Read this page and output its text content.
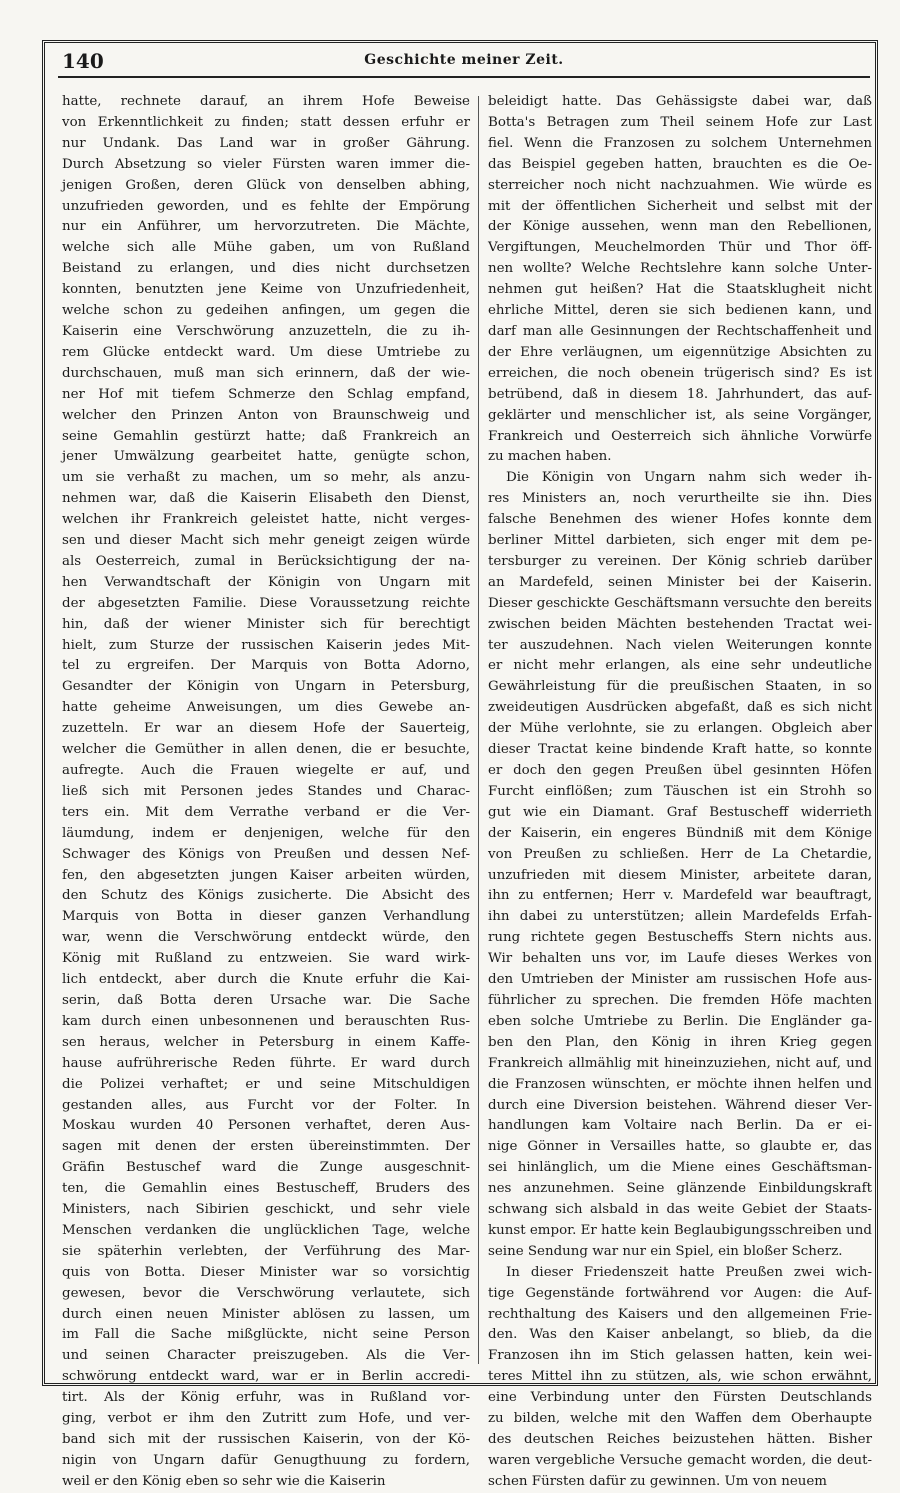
140	Geschichte meiner Zeit.
hatte, rechnete darauf, an ihrem Hofe Beweise
von Erkenntlichkeit zu finden; statt dessen erfuhr er
nur Undank. Das Land war in großer Gährung.
Durch Absetzung so vieler Fürsten waren immer die-
jenigen Großen, deren Glück von denselben abhing,
unzufrieden geworden, und es fehlte der Empörung
nur ein Anführer, um hervorzutreten. Die Mächte,
welche sich alle Mühe gaben, um von Rußland
Beistand zu erlangen, und dies nicht durchsetzen
konnten, benutzten jene Keime von Unzufriedenheit,
welche schon zu gedeihen anfingen, um gegen die
Kaiserin eine Verschwörung anzuzetteln, die zu ih-
rem Glücke entdeckt ward. Um diese Umtriebe zu
durchschauen, muß man sich erinnern, daß der wie-
ner Hof mit tiefem Schmerze den Schlag empfand,
welcher den Prinzen Anton von Braunschweig und
seine Gemahlin gestürzt hatte; daß Frankreich an
jener Umwälzung gearbeitet hatte, genügte schon,
um sie verhaßt zu machen, um so mehr, als anzu-
nehmen war, daß die Kaiserin Elisabeth den Dienst,
welchen ihr Frankreich geleistet hatte, nicht verges-
sen und dieser Macht sich mehr geneigt zeigen würde
als Oesterreich, zumal in Berücksichtigung der na-
hen Verwandtschaft der Königin von Ungarn mit
der abgesetzten Familie. Diese Voraussetzung reichte
hin, daß der wiener Minister sich für berechtigt
hielt, zum Sturze der russischen Kaiserin jedes Mit-
tel zu ergreifen. Der Marquis von Botta Adorno,
Gesandter der Königin von Ungarn in Petersburg,
hatte geheime Anweisungen, um dies Gewebe an-
zuzetteln. Er war an diesem Hofe der Sauerteig,
welcher die Gemüther in allen denen, die er besuchte,
aufregte. Auch die Frauen wiegelte er auf, und
ließ sich mit Personen jedes Standes und Charac-
ters ein. Mit dem Verrathe verband er die Ver-
läumdung, indem er denjenigen, welche für den
Schwager des Königs von Preußen und dessen Nef-
fen, den abgesetzten jungen Kaiser arbeiten würden,
den Schutz des Königs zusicherte. Die Absicht des
Marquis von Botta in dieser ganzen Verhandlung
war, wenn die Verschwörung entdeckt würde, den
König mit Rußland zu entzweien. Sie ward wirk-
lich entdeckt, aber durch die Knute erfuhr die Kai-
serin, daß Botta deren Ursache war. Die Sache
kam durch einen unbesonnenen und berauschten Rus-
sen heraus, welcher in Petersburg in einem Kaffe-
hause aufrührerische Reden führte. Er ward durch
die Polizei verhaftet; er und seine Mitschuldigen
gestanden alles, aus Furcht vor der Folter. In
Moskau wurden 40 Personen verhaftet, deren Aus-
sagen mit denen der ersten übereinstimmten. Der
Gräfin Bestuschef ward die Zunge ausgeschnit-
ten, die Gemahlin eines Bestuscheff, Bruders des
Ministers, nach Sibirien geschickt, und sehr viele
Menschen verdanken die unglücklichen Tage, welche
sie späterhin verlebten, der Verführung des Mar-
quis von Botta. Dieser Minister war so vorsichtig
gewesen, bevor die Verschwörung verlautete, sich
durch einen neuen Minister ablösen zu lassen, um
im Fall die Sache mißglückte, nicht seine Person
und seinen Character preiszugeben. Als die Ver-
schwörung entdeckt ward, war er in Berlin accredi-
tirt. Als der König erfuhr, was in Rußland vor-
ging, verbot er ihm den Zutritt zum Hofe, und ver-
band sich mit der russischen Kaiserin, von der Kö-
nigin von Ungarn dafür Genugthuung zu fordern,
weil er den König eben so sehr wie die Kaiserin
beleidigt hatte. Das Gehässigste dabei war, daß
Botta's Betragen zum Theil seinem Hofe zur Last
fiel. Wenn die Franzosen zu solchem Unternehmen
das Beispiel gegeben hatten, brauchten es die Oe-
sterreicher noch nicht nachzuahmen. Wie würde es
mit der öffentlichen Sicherheit und selbst mit der
der Könige aussehen, wenn man den Rebellionen,
Vergiftungen, Meuchelmorden Thür und Thor öff-
nen wollte? Welche Rechtslehre kann solche Unter-
nehmen gut heißen? Hat die Staatsklugheit nicht
ehrliche Mittel, deren sie sich bedienen kann, und
darf man alle Gesinnungen der Rechtschaffenheit und
der Ehre verläugnen, um eigennützige Absichten zu
erreichen, die noch obenein trügerisch sind? Es ist
betrübend, daß in diesem 18. Jahrhundert, das auf-
geklärter und menschlicher ist, als seine Vorgänger,
Frankreich und Oesterreich sich ähnliche Vorwürfe
zu machen haben.
Die Königin von Ungarn nahm sich weder ih-
res Ministers an, noch verurtheilte sie ihn. Dies
falsche Benehmen des wiener Hofes konnte dem
berliner Mittel darbieten, sich enger mit dem pe-
tersburger zu vereinen. Der König schrieb darüber
an Mardefeld, seinen Minister bei der Kaiserin.
Dieser geschickte Geschäftsmann versuchte den bereits
zwischen beiden Mächten bestehenden Tractat wei-
ter auszudehnen. Nach vielen Weiterungen konnte
er nicht mehr erlangen, als eine sehr undeutliche
Gewährleistung für die preußischen Staaten, in so
zweideutigen Ausdrücken abgefaßt, daß es sich nicht
der Mühe verlohnte, sie zu erlangen. Obgleich aber
dieser Tractat keine bindende Kraft hatte, so konnte
er doch den gegen Preußen übel gesinnten Höfen
Furcht einflößen; zum Täuschen ist ein Strohh so
gut wie ein Diamant. Graf Bestuscheff widerrieth
der Kaiserin, ein engeres Bündniß mit dem Könige
von Preußen zu schließen. Herr de La Chetardie,
unzufrieden mit diesem Minister, arbeitete daran,
ihn zu entfernen; Herr v. Mardefeld war beauftragt,
ihn dabei zu unterstützen; allein Mardefelds Erfah-
rung richtete gegen Bestuscheffs Stern nichts aus.
Wir behalten uns vor, im Laufe dieses Werkes von
den Umtrieben der Minister am russischen Hofe aus-
führlicher zu sprechen. Die fremden Höfe machten
eben solche Umtriebe zu Berlin. Die Engländer ga-
ben den Plan, den König in ihren Krieg gegen
Frankreich allmählig mit hineinzuziehen, nicht auf, und
die Franzosen wünschten, er möchte ihnen helfen und
durch eine Diversion beistehen. Während dieser Ver-
handlungen kam Voltaire nach Berlin. Da er ei-
nige Gönner in Versailles hatte, so glaubte er, das
sei hinlänglich, um die Miene eines Geschäftsman-
nes anzunehmen. Seine glänzende Einbildungskraft
schwang sich alsbald in das weite Gebiet der Staats-
kunst empor. Er hatte kein Beglaubigungsschreiben und
seine Sendung war nur ein Spiel, ein bloßer Scherz.
In dieser Friedenszeit hatte Preußen zwei wich-
tige Gegenstände fortwährend vor Augen: die Auf-
rechthaltung des Kaisers und den allgemeinen Frie-
den. Was den Kaiser anbelangt, so blieb, da die
Franzosen ihn im Stich gelassen hatten, kein wei-
teres Mittel ihn zu stützen, als, wie schon erwähnt,
eine Verbindung unter den Fürsten Deutschlands
zu bilden, welche mit den Waffen dem Oberhaupte
des deutschen Reiches beizustehen hätten. Bisher
waren vergebliche Versuche gemacht worden, die deut-
schen Fürsten dafür zu gewinnen. Um von neuem
